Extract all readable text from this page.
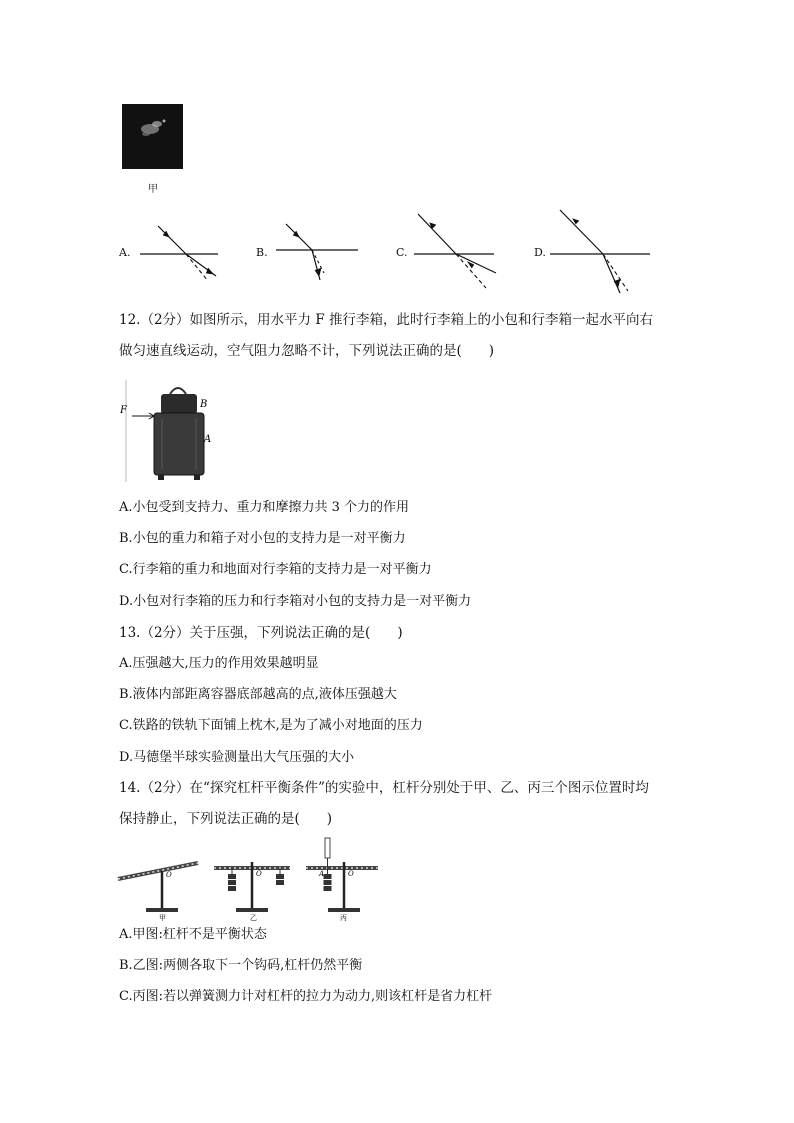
甲
A.	B.	C.	D.
12.（2分）如图所示，用水平力 F 推行李箱，此时行李箱上的小包和行李箱一起水平向右
做匀速直线运动，空气阻力忽略不计，下列说法正确的是(　　)
F
B
A
A.小包受到支持力、重力和摩擦力共 3 个力的作用
B.小包的重力和箱子对小包的支持力是一对平衡力
C.行李箱的重力和地面对行李箱的支持力是一对平衡力
D.小包对行李箱的压力和行李箱对小包的支持力是一对平衡力
13.（2分）关于压强，下列说法正确的是(　　)
A.压强越大,压力的作用效果越明显
B.液体内部距离容器底部越高的点,液体压强越大
C.铁路的铁轨下面铺上枕木,是为了减小对地面的压力
D.马德堡半球实验测量出大气压强的大小
14.（2分）在“探究杠杆平衡条件”的实验中，杠杆分别处于甲、乙、丙三个图示位置时均
保持静止，下列说法正确的是(　　)
O
甲
O
乙
A	O
丙
A.甲图:杠杆不是平衡状态
B.乙图:两侧各取下一个钩码,杠杆仍然平衡
C.丙图:若以弹簧测力计对杠杆的拉力为动力,则该杠杆是省力杠杆
